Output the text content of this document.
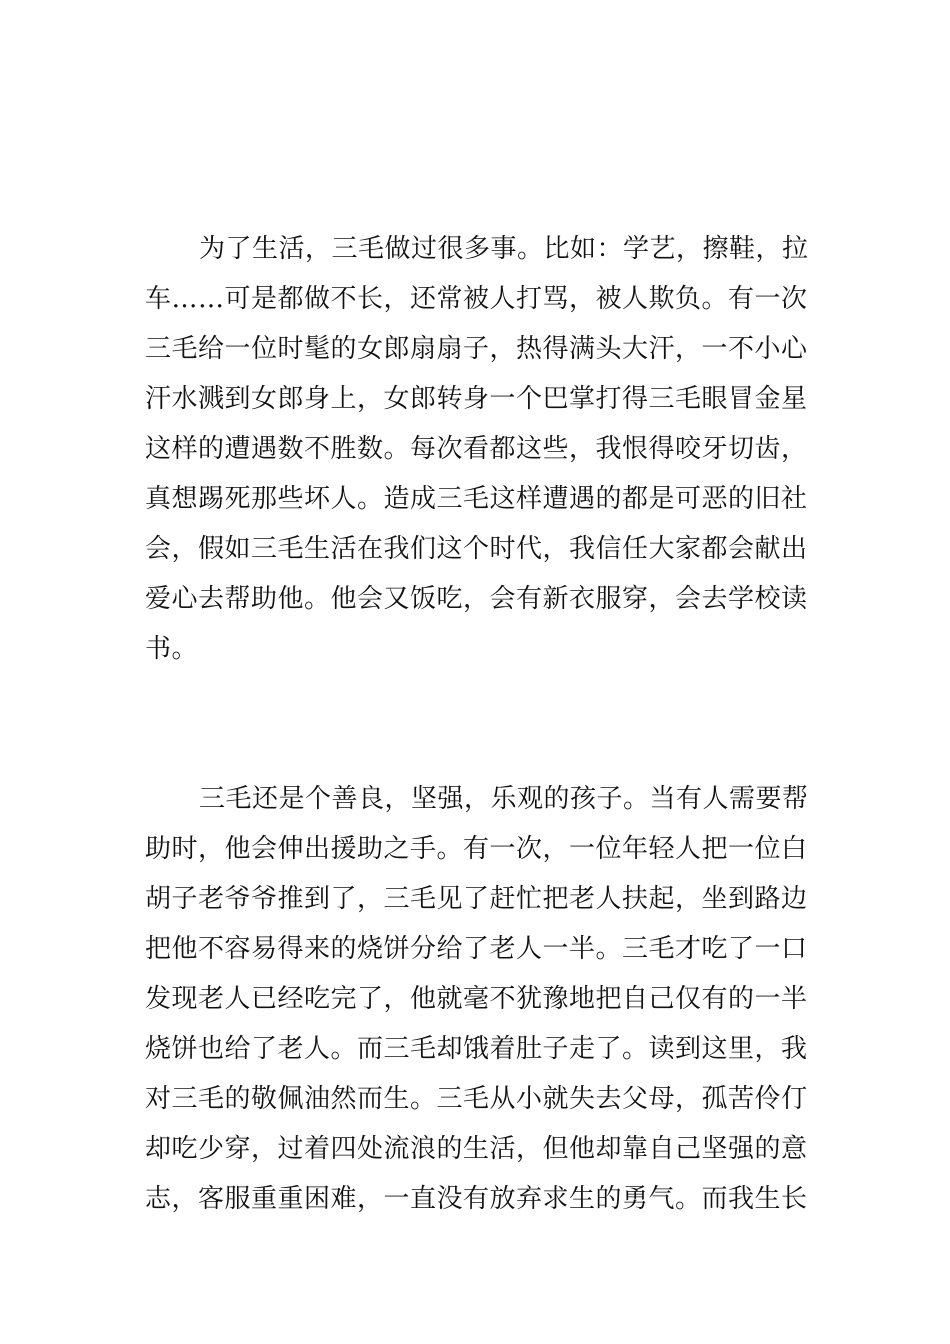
为了生活，三毛做过很多事。比如：学艺，擦鞋，拉
车……可是都做不长，还常被人打骂，被人欺负。有一次
三毛给一位时髦的女郎扇扇子，热得满头大汗，一不小心
汗水溅到女郎身上，女郎转身一个巴掌打得三毛眼冒金星
这样的遭遇数不胜数。每次看都这些，我恨得咬牙切齿，
真想踢死那些坏人。造成三毛这样遭遇的都是可恶的旧社
会，假如三毛生活在我们这个时代，我信任大家都会献出
爱心去帮助他。他会又饭吃，会有新衣服穿，会去学校读
书。
三毛还是个善良，坚强，乐观的孩子。当有人需要帮
助时，他会伸出援助之手。有一次，一位年轻人把一位白
胡子老爷爷推到了，三毛见了赶忙把老人扶起，坐到路边
把他不容易得来的烧饼分给了老人一半。三毛才吃了一口
发现老人已经吃完了，他就毫不犹豫地把自己仅有的一半
烧饼也给了老人。而三毛却饿着肚子走了。读到这里，我
对三毛的敬佩油然而生。三毛从小就失去父母，孤苦伶仃
却吃少穿，过着四处流浪的生活，但他却靠自己坚强的意
志，客服重重困难，一直没有放弃求生的勇气。而我生长
